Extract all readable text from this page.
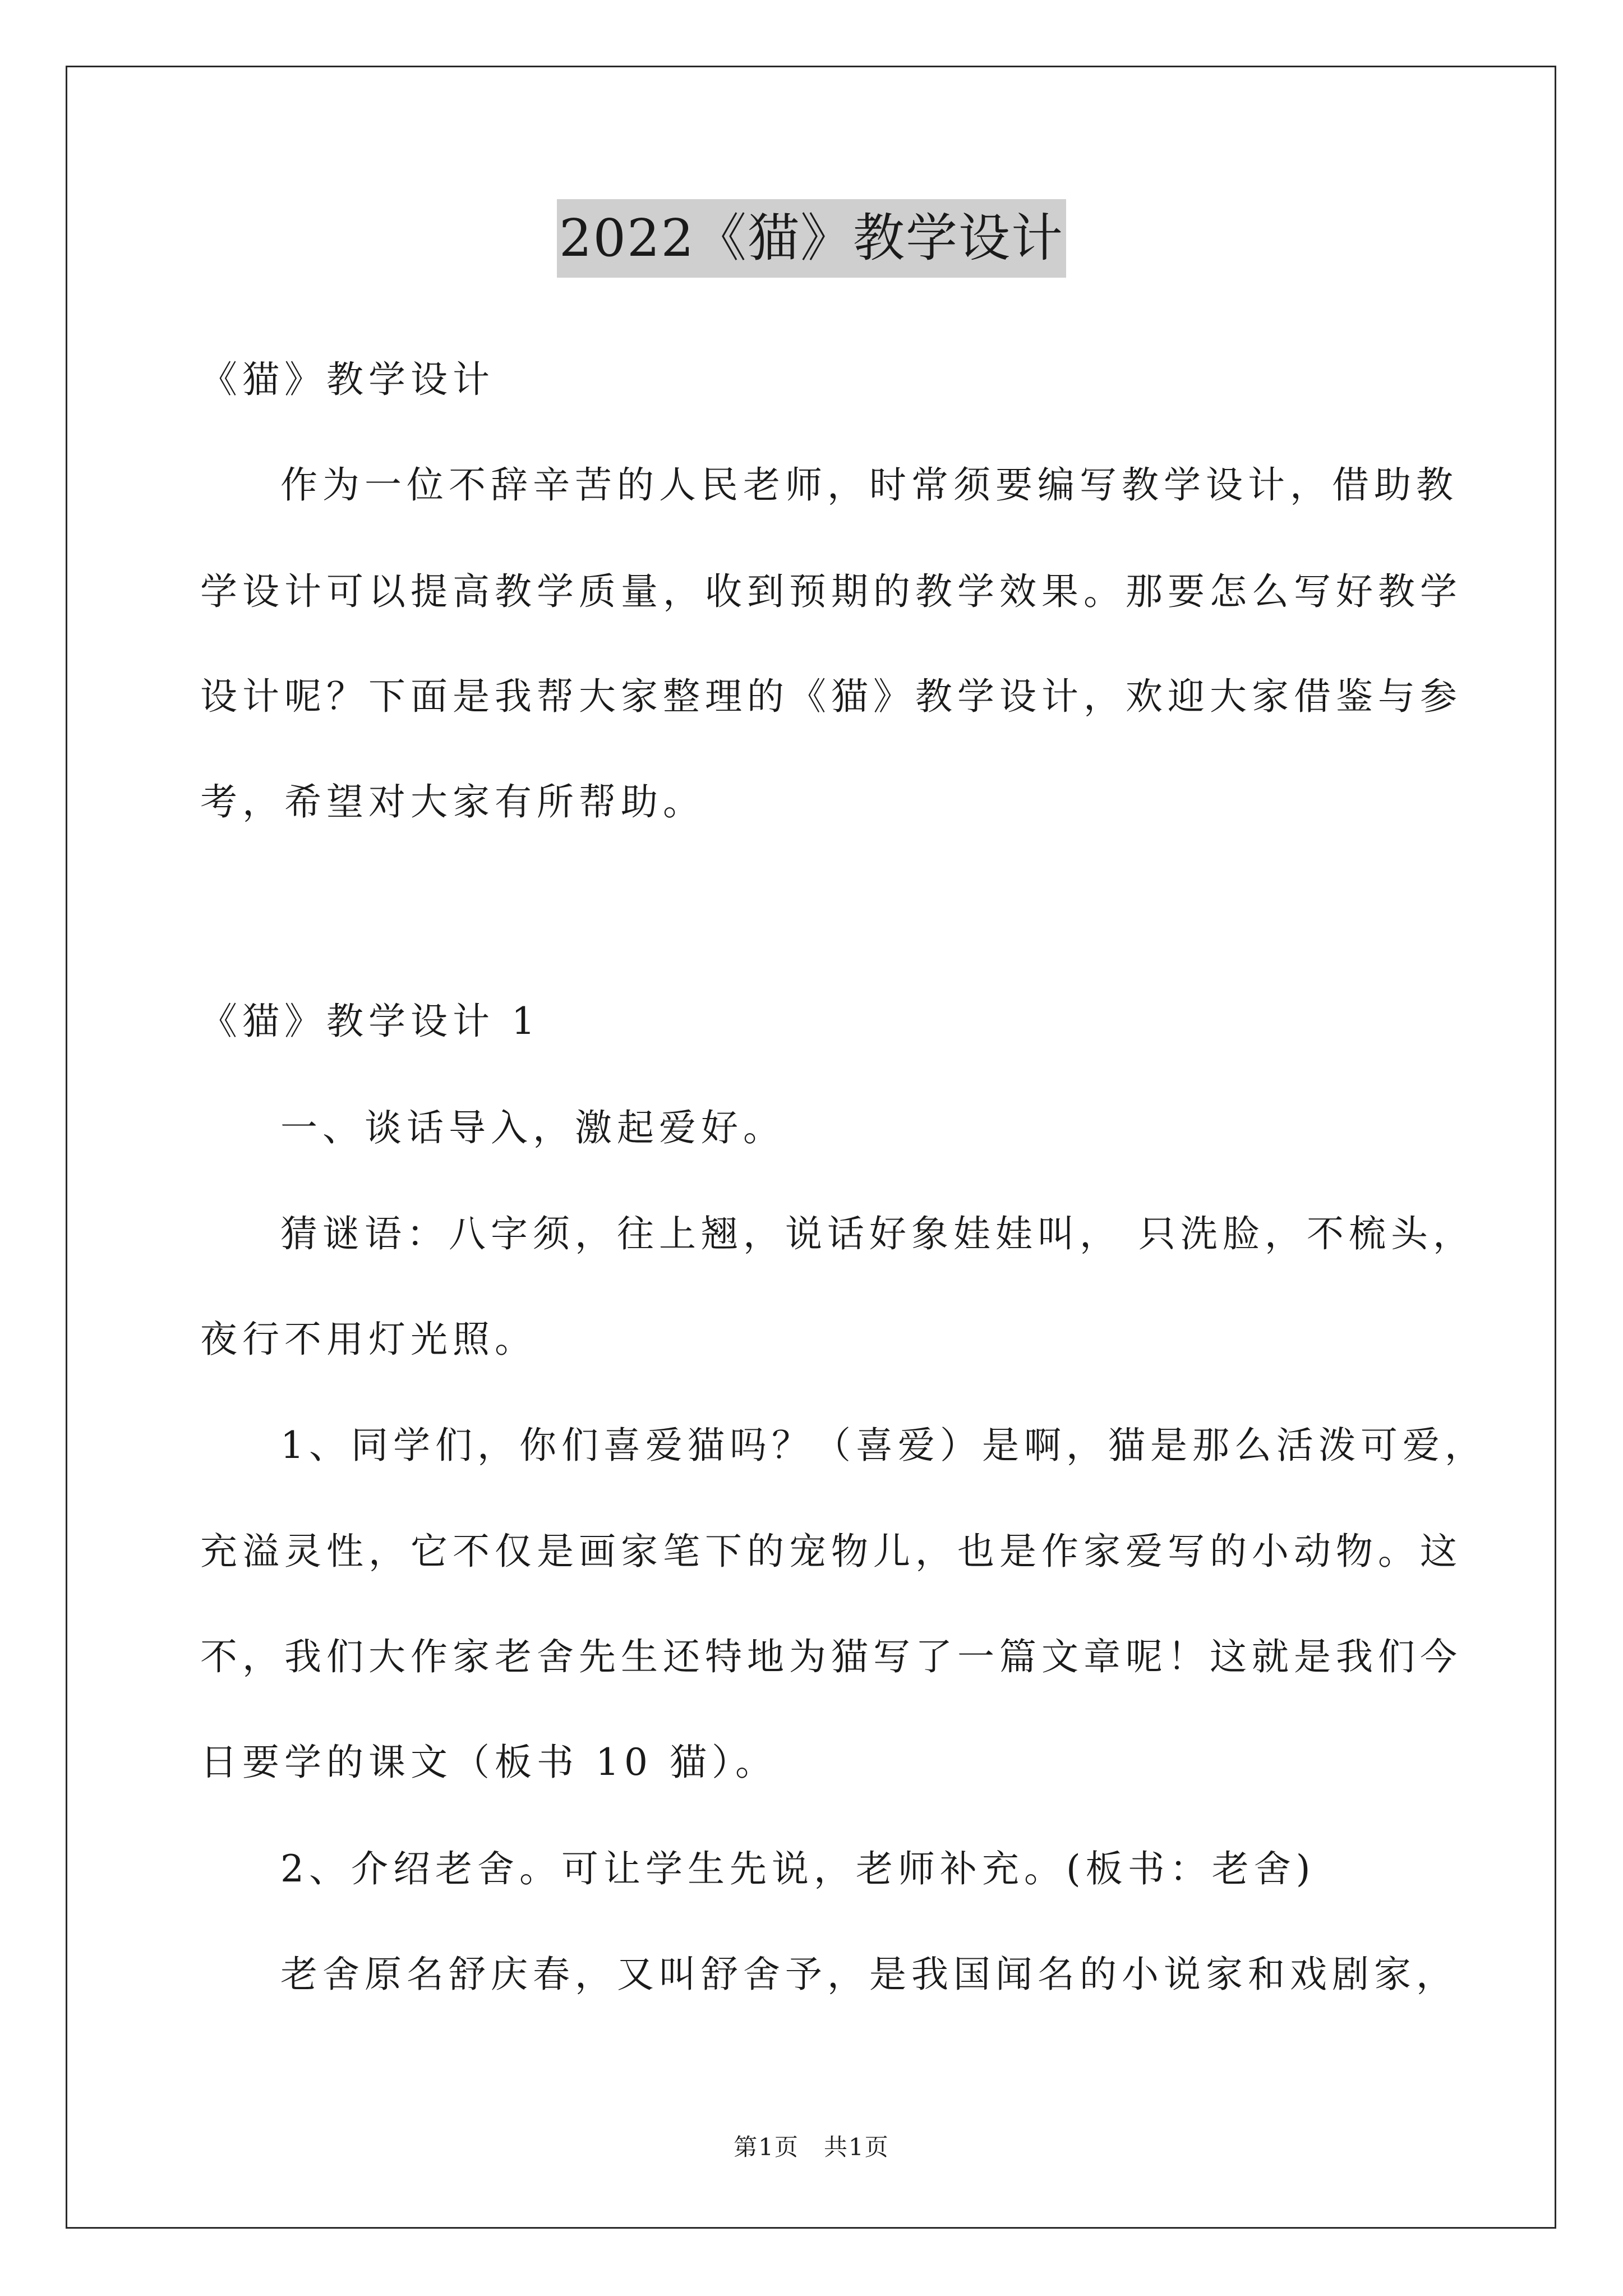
2022《猫》教学设计
《猫》教学设计
作为一位不辞辛苦的人民老师，时常须要编写教学设计，借助教
学设计可以提高教学质量，收到预期的教学效果。那要怎么写好教学
设计呢？下面是我帮大家整理的《猫》教学设计，欢迎大家借鉴与参
考，希望对大家有所帮助。
《猫》教学设计 1
一、谈话导入，激起爱好。
猜谜语：八字须，往上翘，说话好象娃娃叫， 只洗脸，不梳头，
夜行不用灯光照。
1、同学们，你们喜爱猫吗？（喜爱）是啊，猫是那么活泼可爱，
充溢灵性，它不仅是画家笔下的宠物儿，也是作家爱写的小动物。这
不，我们大作家老舍先生还特地为猫写了一篇文章呢！这就是我们今
日要学的课文（板书 10 猫）。
2、介绍老舍。可让学生先说，老师补充。(板书：老舍)
老舍原名舒庆春，又叫舒舍予，是我国闻名的小说家和戏剧家，
第1页　共1页
